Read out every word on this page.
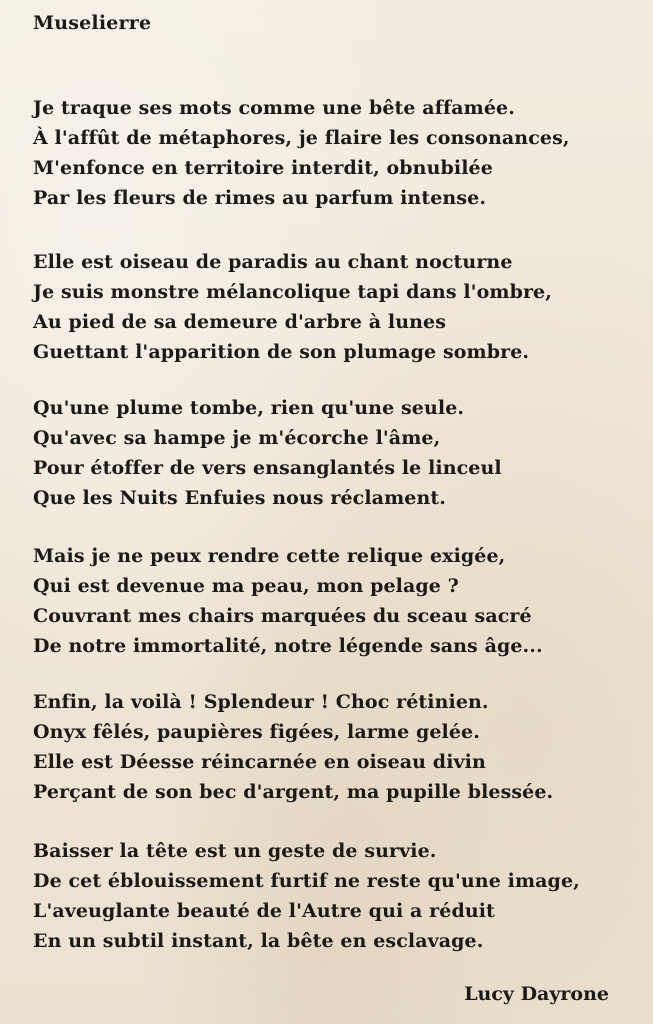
Muselierre
Je traque ses mots comme une bête affamée.
À l'affût de métaphores, je flaire les consonances,
M'enfonce en territoire interdit, obnubilée
Par les fleurs de rimes au parfum intense.
Elle est oiseau de paradis au chant nocturne
Je suis monstre mélancolique tapi dans l'ombre,
Au pied de sa demeure d'arbre à lunes
Guettant l'apparition de son plumage sombre.
Qu'une plume tombe, rien qu'une seule.
Qu'avec sa hampe je m'écorche l'âme,
Pour étoffer de vers ensanglantés le linceul
Que les Nuits Enfuies nous réclament.
Mais je ne peux rendre cette relique exigée,
Qui est devenue ma peau, mon pelage ?
Couvrant mes chairs marquées du sceau sacré
De notre immortalité, notre légende sans âge...
Enfin, la voilà ! Splendeur ! Choc rétinien.
Onyx fêlés, paupières figées, larme gelée.
Elle est Déesse réincarnée en oiseau divin
Perçant de son bec d'argent, ma pupille blessée.
Baisser la tête est un geste de survie.
De cet éblouissement furtif ne reste qu'une image,
L'aveuglante beauté de l'Autre qui a réduit
En un subtil instant, la bête en esclavage.
Lucy Dayrone
